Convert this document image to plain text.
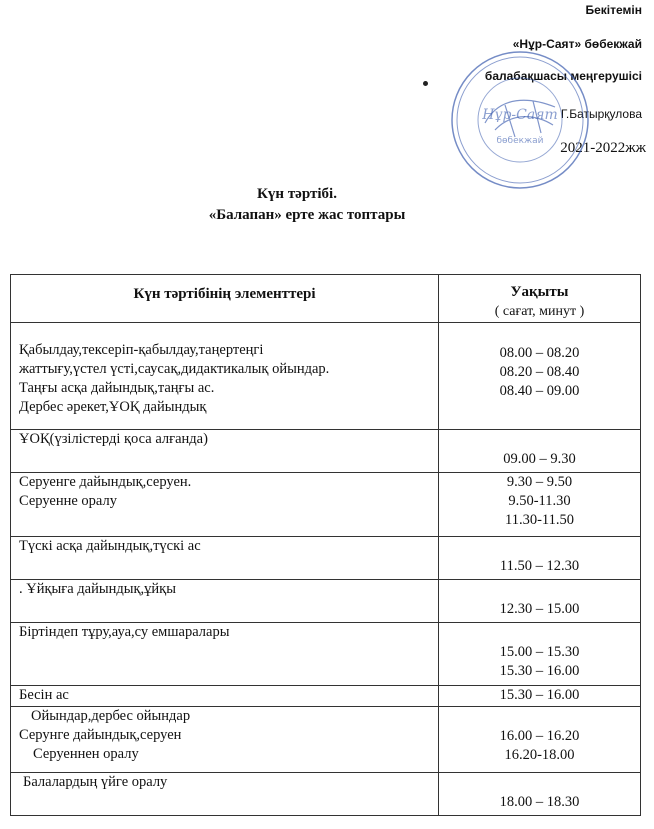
Бекітемін
«Нұр-Саят» бөбекжай
балабақшасы меңгерушісі
Г.Батырқулова
2021-2022жж
Нұр-Саят
бөбекжай
Күн тәртібі.
«Балапан» ерте жас топтары
Күн тәртібінің элементтері	Уақыты
( сағат, минут )

Қабылдау,тексеріп-қабылдау,таңертеңгі
жаттығу,үстел үсті,саусақ,дидактикалық ойындар.
Таңғы асқа дайындық,таңғы ас.
Дербес әрекет,ҰОҚ дайындық	08.00 – 08.20
08.20 – 08.40
08.40 – 09.00

ҰОҚ(үзілістерді қоса алғанда)	09.00 – 9.30

Серуенге дайындық,серуен.
Серуенне оралу	9.30 – 9.50
9.50-11.30
11.30-11.50

Түскі асқа дайындық,түскі ас	11.50 – 12.30

. Ұйқыға дайындық,ұйқы	12.30 – 15.00

Біртіндеп тұру,ауа,су емшаралары	15.00 – 15.30
15.30 – 16.00

Бесін ас	15.30 – 16.00

Ойындар,дербес ойындар
Серунге дайындық,серуен
Серуеннен оралу	16.00 – 16.20
16.20-18.00

Балалардың үйге оралу	18.00 – 18.30
